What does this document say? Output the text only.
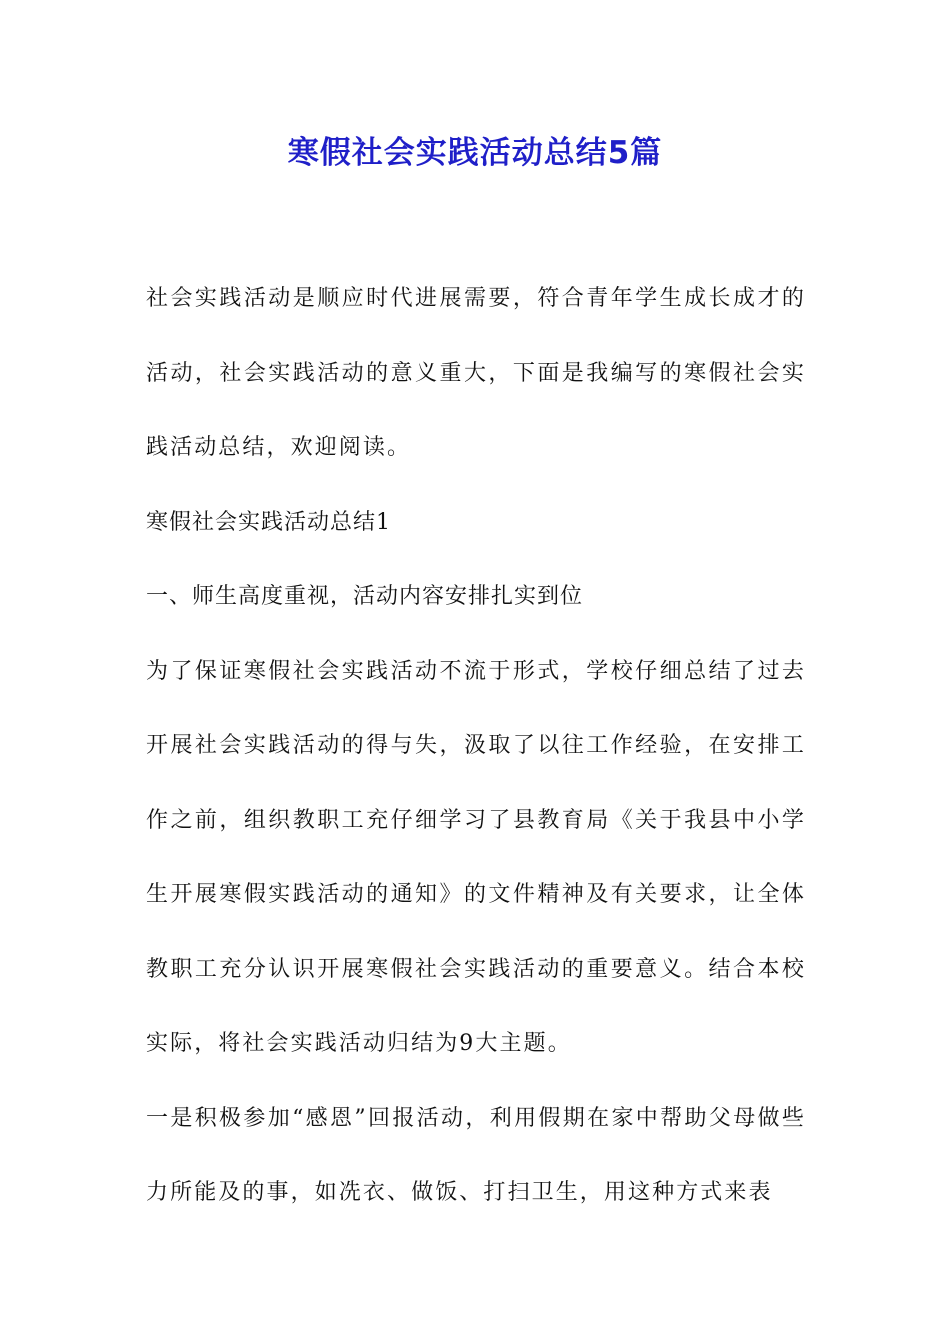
寒假社会实践活动总结5篇

社会实践活动是顺应时代进展需要，符合青年学生成长成才的活动，社会实践活动的意义重大，下面是我编写的寒假社会实践活动总结，欢迎阅读。

寒假社会实践活动总结1

一、师生高度重视，活动内容安排扎实到位

为了保证寒假社会实践活动不流于形式，学校仔细总结了过去开展社会实践活动的得与失，汲取了以往工作经验，在安排工作之前，组织教职工充仔细学习了县教育局《关于我县中小学生开展寒假实践活动的通知》的文件精神及有关要求，让全体教职工充分认识开展寒假社会实践活动的重要意义。结合本校实际，将社会实践活动归结为9大主题。

一是积极参加“感恩”回报活动，利用假期在家中帮助父母做些力所能及的事，如冼衣、做饭、打扫卫生，用这种方式来表
